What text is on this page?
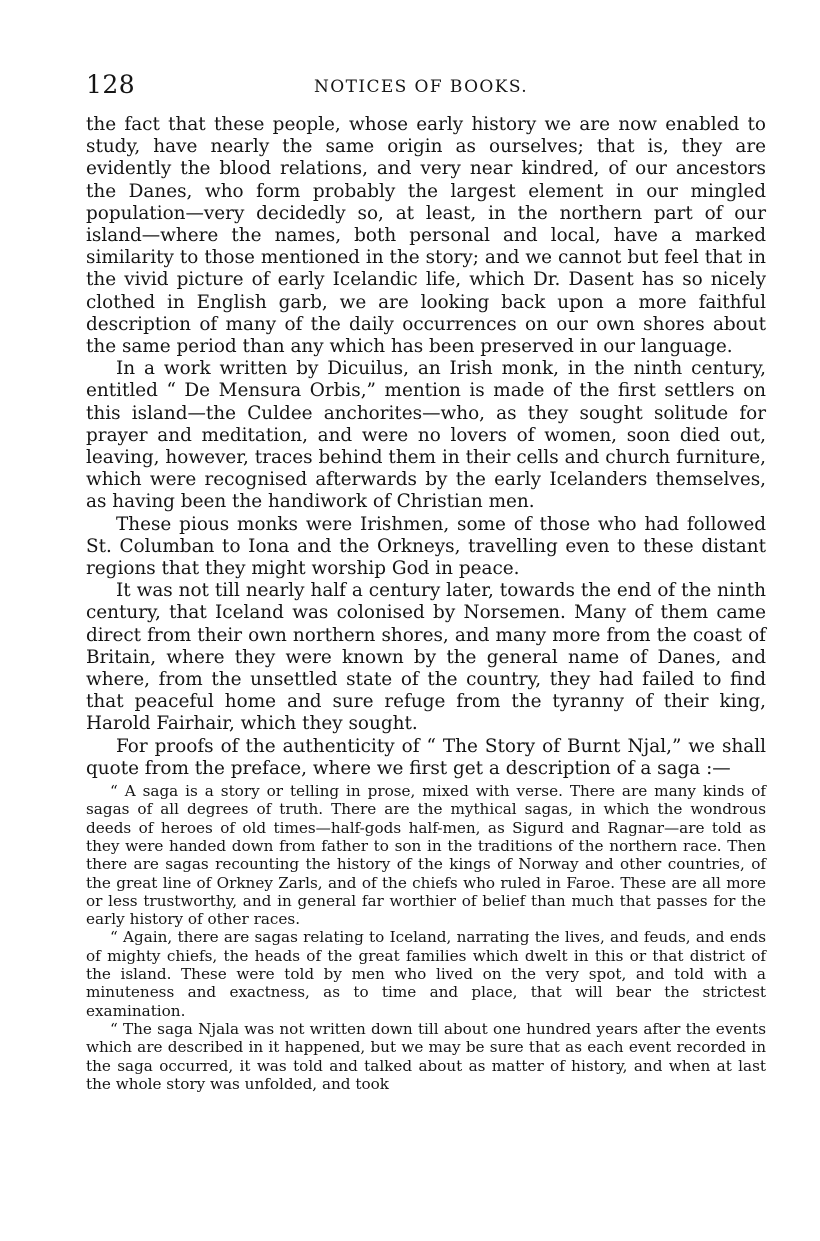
128	NOTICES OF BOOKS.

the fact that these people, whose early history we are now enabled to study, have nearly the same origin as ourselves; that is, they are evidently the blood relations, and very near kindred, of our ancestors the Danes, who form probably the largest element in our mingled population—very decidedly so, at least, in the northern part of our island—where the names, both personal and local, have a marked similarity to those mentioned in the story; and we cannot but feel that in the vivid picture of early Icelandic life, which Dr. Dasent has so nicely clothed in English garb, we are looking back upon a more faithful description of many of the daily occurrences on our own shores about the same period than any which has been preserved in our language.

In a work written by Dicuilus, an Irish monk, in the ninth century, entitled “ De Mensura Orbis,” mention is made of the first settlers on this island—the Culdee anchorites—who, as they sought solitude for prayer and meditation, and were no lovers of women, soon died out, leaving, however, traces behind them in their cells and church furniture, which were recognised afterwards by the early Icelanders themselves, as having been the handiwork of Christian men.

These pious monks were Irishmen, some of those who had followed St. Columban to Iona and the Orkneys, travelling even to these distant regions that they might worship God in peace.

It was not till nearly half a century later, towards the end of the ninth century, that Iceland was colonised by Norsemen. Many of them came direct from their own northern shores, and many more from the coast of Britain, where they were known by the general name of Danes, and where, from the unsettled state of the country, they had failed to find that peaceful home and sure refuge from the tyranny of their king, Harold Fairhair, which they sought.

For proofs of the authenticity of “ The Story of Burnt Njal,” we shall quote from the preface, where we first get a description of a saga :—

“ A saga is a story or telling in prose, mixed with verse. There are many kinds of sagas of all degrees of truth. There are the mythical sagas, in which the wondrous deeds of heroes of old times—half-gods half-men, as Sigurd and Ragnar—are told as they were handed down from father to son in the traditions of the northern race. Then there are sagas recounting the history of the kings of Norway and other countries, of the great line of Orkney Zarls, and of the chiefs who ruled in Faroe. These are all more or less trustworthy, and in general far worthier of belief than much that passes for the early history of other races.

“ Again, there are sagas relating to Iceland, narrating the lives, and feuds, and ends of mighty chiefs, the heads of the great families which dwelt in this or that district of the island. These were told by men who lived on the very spot, and told with a minuteness and exactness, as to time and place, that will bear the strictest examination.

“ The saga Njala was not written down till about one hundred years after the events which are described in it happened, but we may be sure that as each event recorded in the saga occurred, it was told and talked about as matter of history, and when at last the whole story was unfolded, and took
